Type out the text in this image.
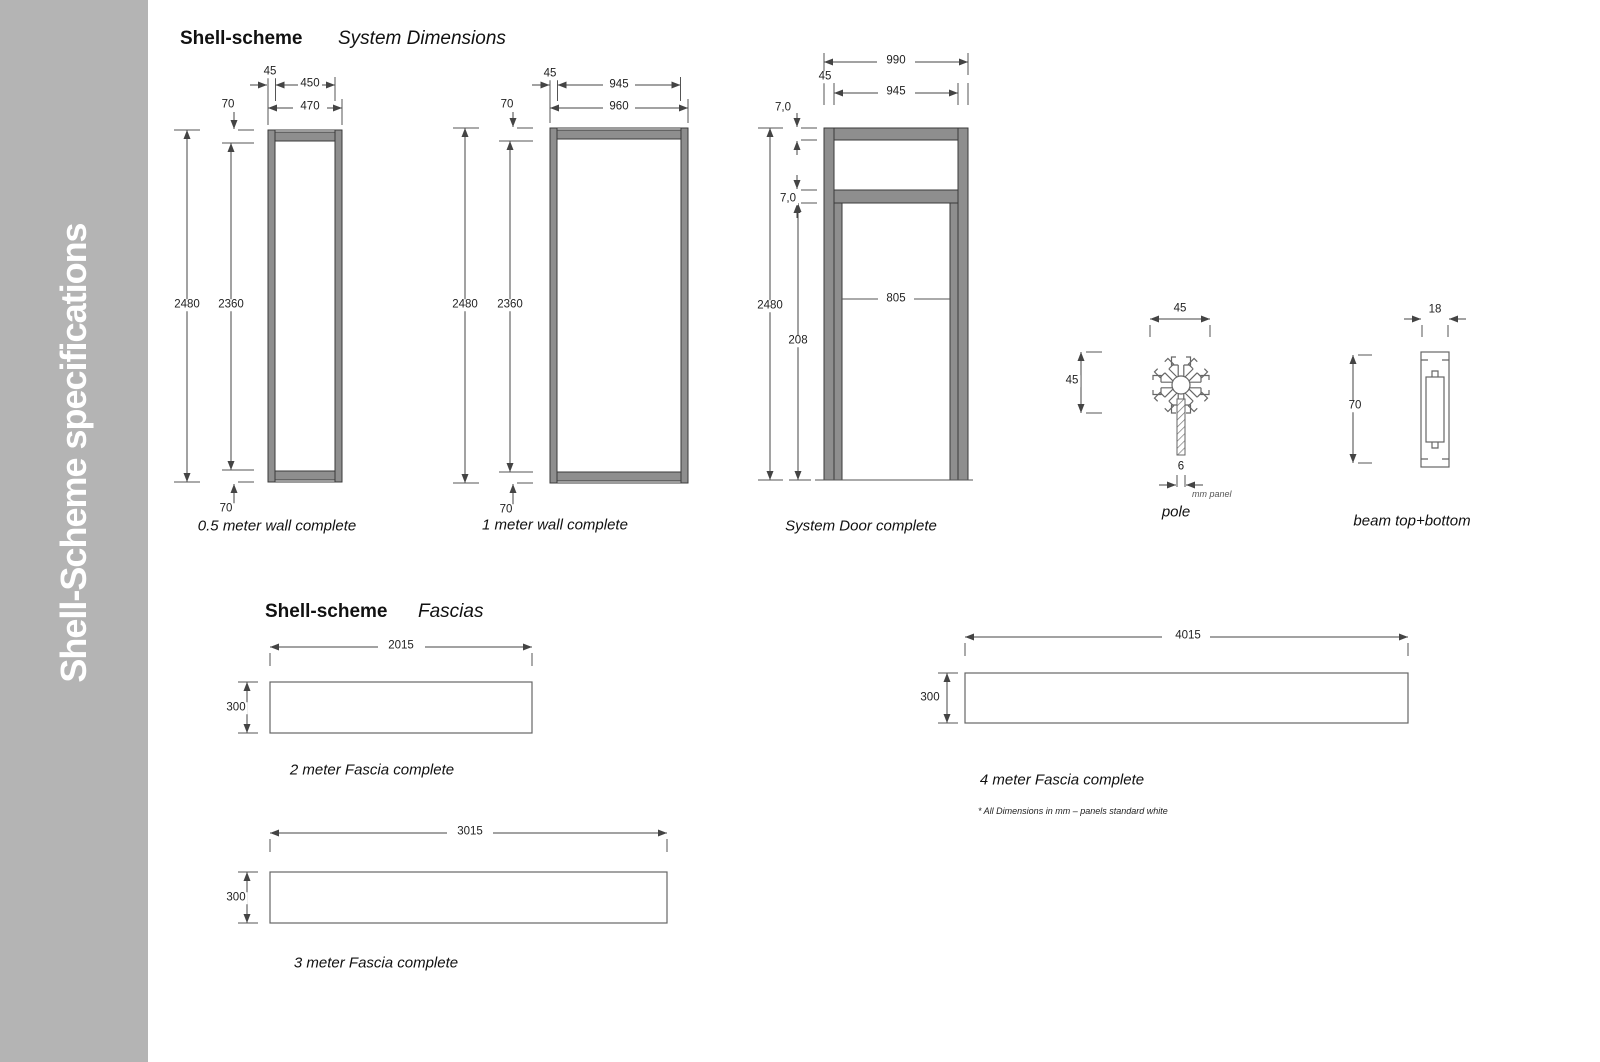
Shell-Scheme specifications
Shell-scheme System Dimensions
45
450
470
70
2480 2360
70
0.5 meter wall complete
45
945
960
70
2480 2360
70
1 meter wall complete
990
45
945
7,0
7,0
2480
208
805
System Door complete
45
45
6
mm panel
pole
18
70
beam top+bottom
Shell-scheme Fascias
2015
300
2 meter Fascia complete
3015
300
3 meter Fascia complete
4015
300
4 meter Fascia complete
* All Dimensions in mm – panels standard white
